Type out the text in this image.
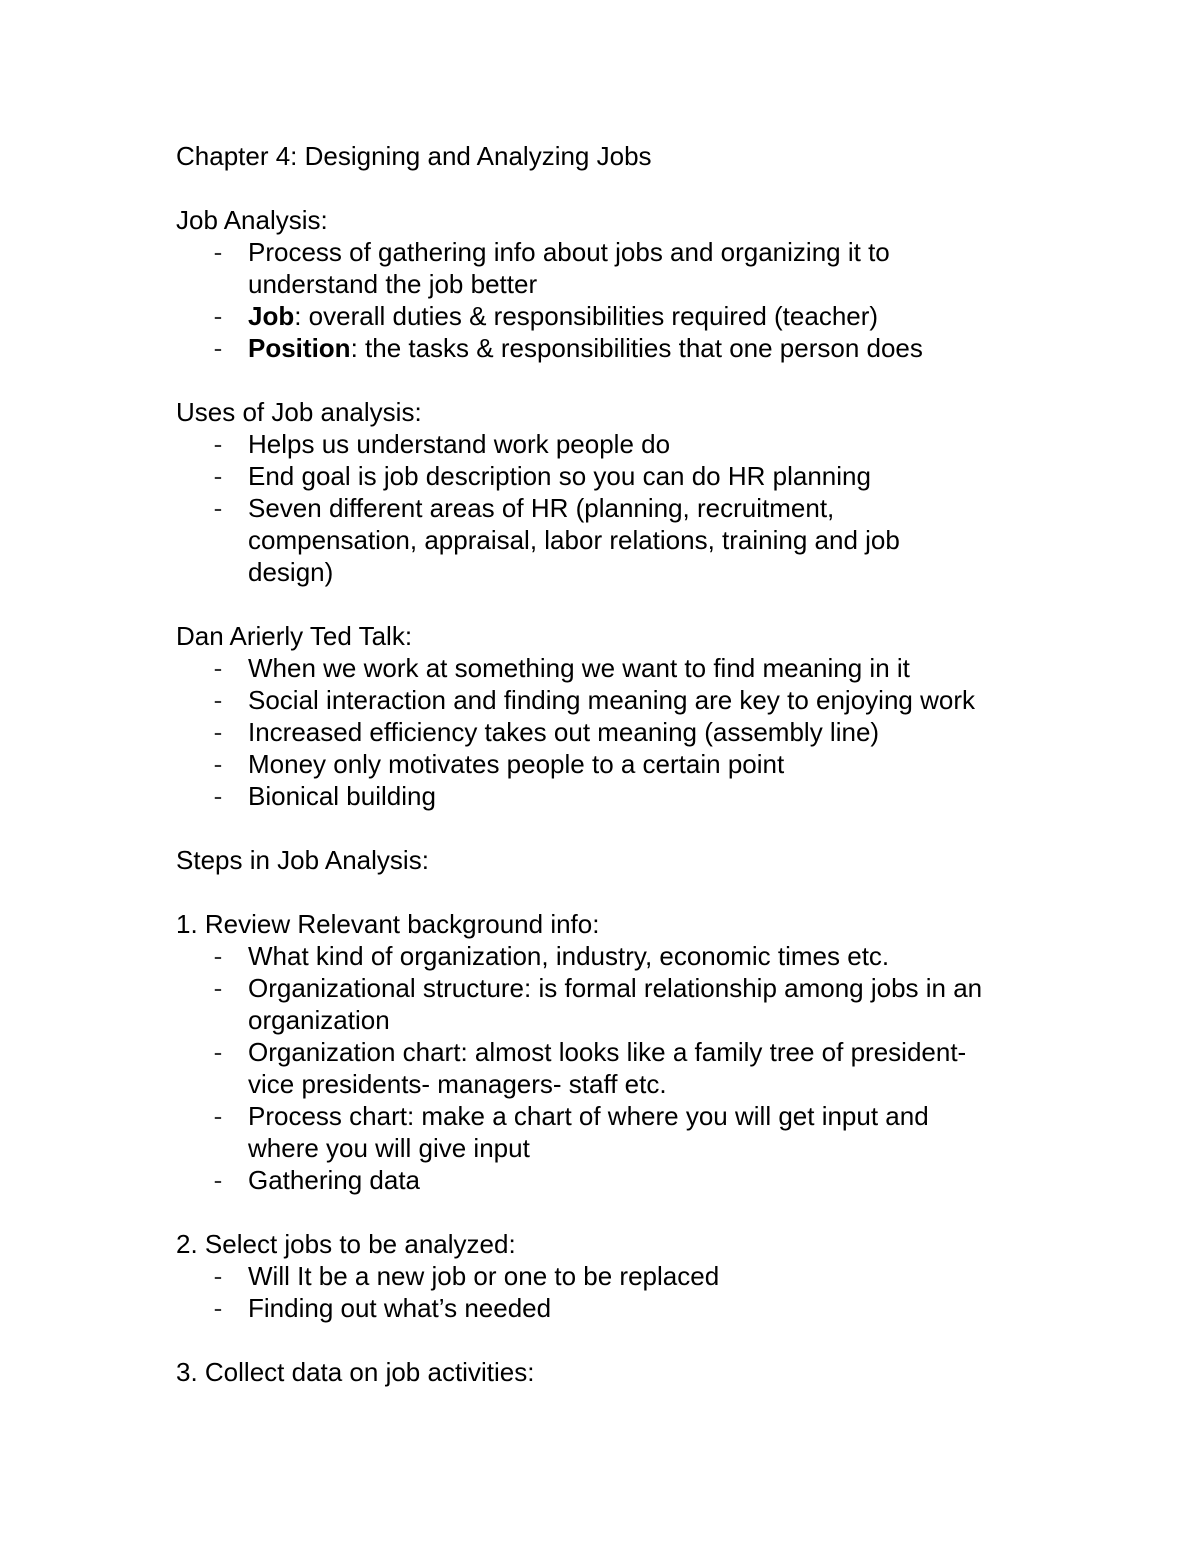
Chapter 4: Designing and Analyzing Jobs
Job Analysis:
- Process of gathering info about jobs and organizing it to
understand the job better
- Job: overall duties & responsibilities required (teacher)
- Position: the tasks & responsibilities that one person does
Uses of Job analysis:
- Helps us understand work people do
- End goal is job description so you can do HR planning
- Seven different areas of HR (planning, recruitment,
compensation, appraisal, labor relations, training and job
design)
Dan Arierly Ted Talk:
- When we work at something we want to find meaning in it
- Social interaction and finding meaning are key to enjoying work
- Increased efficiency takes out meaning (assembly line)
- Money only motivates people to a certain point
- Bionical building
Steps in Job Analysis:
1. Review Relevant background info:
- What kind of organization, industry, economic times etc.
- Organizational structure: is formal relationship among jobs in an
organization
- Organization chart: almost looks like a family tree of president-
vice presidents- managers- staff etc.
- Process chart: make a chart of where you will get input and
where you will give input
- Gathering data
2. Select jobs to be analyzed:
- Will It be a new job or one to be replaced
- Finding out what’s needed
3. Collect data on job activities:
